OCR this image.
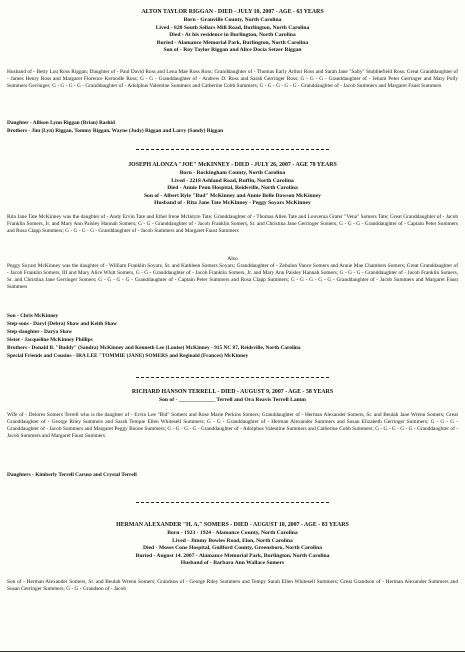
ALTON TAYLOR RIGGAN - DIED - JULY 10, 2007 - AGE - 63 YEARS
Born - Granville County, North Carolina
Lived - 820 South Sellars Mill Road, Burlington, North Carolina
Died - At his residence in Burlington, North Carolina
Buried - Alamance Memorial Park, Burlington, North Carolina
Son of - Roy Taylor Riggan and Alice Docia Setzer Riggan
Husband of - Betty Lou Ross Riggan; Daughter of - Paul David Ross and Lena Mae Ross Ross; Granddaughter of - Thomas Early Arthur Ross and Sarah Jane "Sally" Stubblefield Ross; Great Granddaughter of - James Henry Ross and Margaret Florence Kernodle Ross; G - G - Granddaughter of - Andrew D. Ross and Sarah Gerringer Ross; G - G - G - Granddaughter of - Jehum Peter Gerringer and Mary Polly Summers Gerringer; G - G - G - G - Granddaughter of - Adolphus Valentine Summers and Catherine Cobb Summers; G - G - G - G - G - Granddaughter of - Jacob Summers and Margaret Faust Summers
Daughter - Allison Lynn Riggan (Brian) Rashid
Brothers - Jim (Lyn) Riggan, Tommy Riggan, Wayne (Judy) Riggan and Larry (Sandy) Riggan
JOSEPH ALONZA "JOE" McKINNEY - DIED - JULY 26, 2007 - AGE 78 YEARS
Born - Rockingham County, North Carolina
Lived - 2218 Ashland Road, Ruffin, North Carolina
Died - Annie Penn Hospital, Reidsville, North Carolina
Son of - Albert Ryle "Bud" McKinney and Annie Belle Dawson McKinney
Husband of - Rita Jane Tate McKinney - Peggy Soyars McKinney
Rita Jane Tate McKinney was the daughter of - Andy Ervin Tate and Ethel Irene McIntyre Tate; Granddaughter of - Thomas Allen Tate and Louvenia Grater "Vena" Somers Tate; Great Granddaughter of - Jacob Franklin Somers, Jr. and Mary Ann Paisley Hannah Somers; G - G - Granddaughter of - Jacob Franklin Somers, Sr. and Christina Jane Gerringer Somers; G - G - G - Granddaughter of - Captain Peter Summers and Rosa Clapp Summers; G - G - G - G - Granddaughter of - Jacob Summers and Margaret Faust Summers
Also
Peggy Soyars McKinney was the daughter of - William Franklin Soyars, Sr. and Kathleen Somers Soyars; Granddaughter of - Zebulon Vance Somers and Annie Mae Chambers Somers; Great Granddaughter of - Jacob Franklin Somers, III and Mary Alice Whitt Somers, G - G - Granddaughter of - Jacob Franklin Somers, Jr. and Mary Ann Paisley Hannah Somers; G - G - G - Granddaughter of - Jacob Franklin Somers, Sr. and Christina Jane Gerringer Somers; G - G - G - G - Granddaughter of - Captain Peter Summers and Rosa Clapp Summers; G - G - G - G - G - Granddaughter of - Jacob Summers and Margaret Faust Summers
Son - Chris McKinney
Step-sons - Daryl (Debra) Shaw and Keith Shaw
Step-daughter - Darya Shaw
Sister - Jacqueline McKinney Phillips
Brothers - Donald B. "Buddy" (Sandra) McKinney and Kenneth Lee (Louise) McKinney - 915 NC 87, Reidsville, North Carolina
Special Friends and Cousins - IRA LEE "TOMMIE (JANE) SOMERS and Reginald (Frances) McKinney
RICHARD HANSON TERRELL - DIED - AUGUST 9, 2007 - AGE - 58 YEARS
Son of - _____________ Terrell and Ora Reavis Terrell Lamm
Wife of - Delores Somers Terrell who is the daughter of - Ervin Lee "Bid" Somers and Rose Marie Perkins Somers; Granddaughter of - Herman Alexander Somers, Sr. and Beulah Jane Wrenn Somers; Great Granddaughter of - George Riley Summers and Sarah Tempie Ellen Whitesell Summers; G - G - Granddaughter of - Herman Alexander Summers and Susan Elizabeth Gerringer Summers; G - G - G - Granddaughter of - Jacob Summers and Margaret Peggy Boone Summers; G - G - G - G - Granddaughter of - Adolphus Valentine Summers and Catherine Cobb Summers; G - G - G - G - G - Granddaughter of - Jacob Summers and Margaret Faust Summers
Daughters - Kimberly Terrell Caruso and Crystal Terrell
HERMAN ALEXANDER "H. A." SOMERS - DIED - AUGUST 10, 2007 - AGE - 83 YEARS
Born - 1923 - 1924 - Alamance County, North Carolina
Lived - Jimmy Bowles Road, Elon, North Carolina
Died - Moses Cone Hospital, Guilford County, Greensboro, North Carolina
Buried - August 14. 2007 - Alamance Memorial Park, Burlington, North Carolina
Husband of - Barbara Ann Wallace Somers
Son of - Herman Alexander Somers, Sr. and Beulah Wrenn Somers; Grandson of - George Riley Summers and Tempy Sarah Ellen Whitesell Summers; Great Grandson of - Herman Alexander Summers and Susan Gerringer Summers; G - G - Grandson of - Jacob
